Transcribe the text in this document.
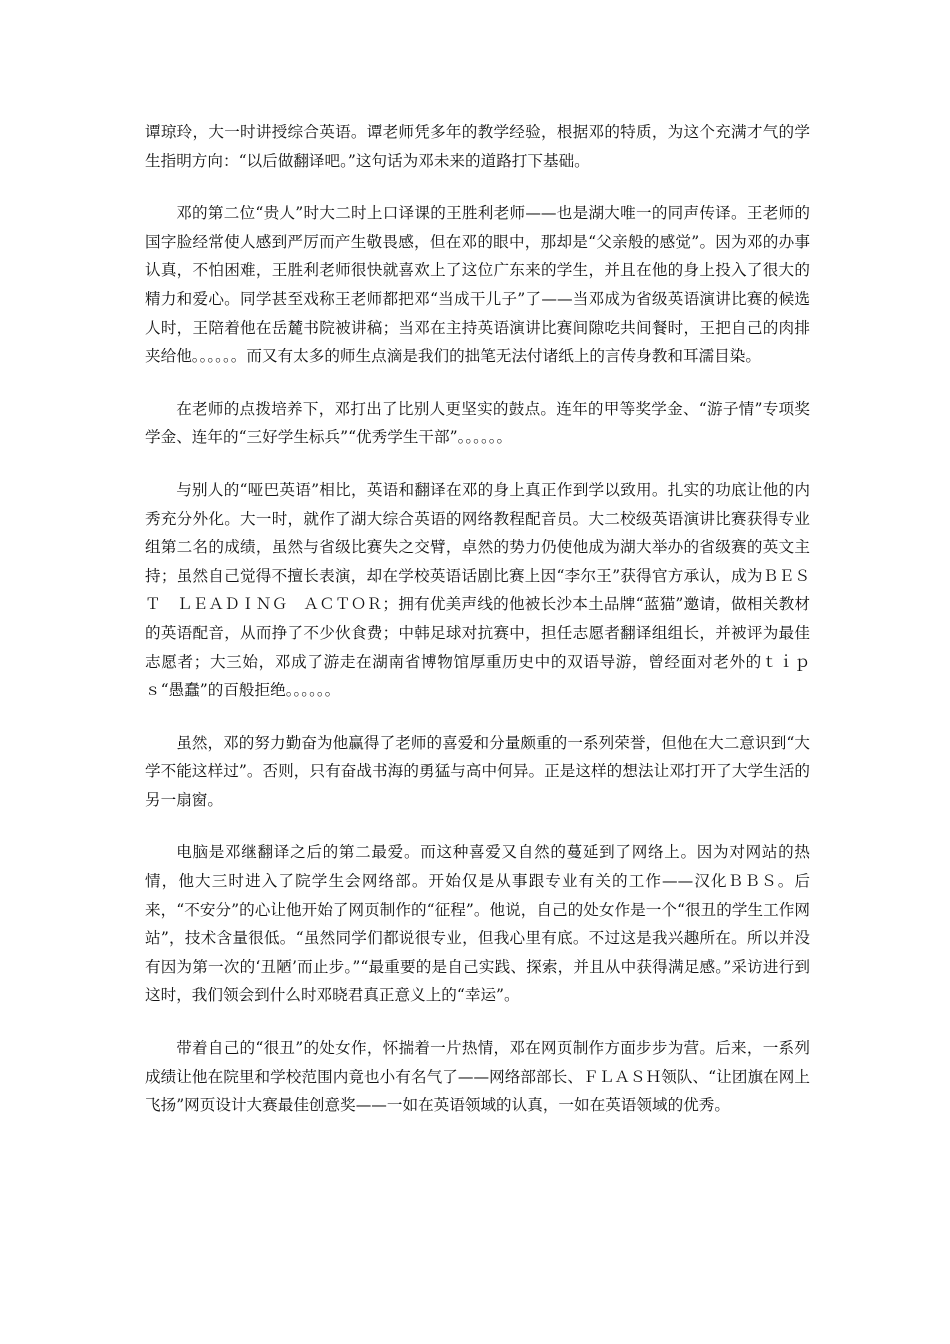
谭琼玲，大一时讲授综合英语。谭老师凭多年的教学经验，根据邓的特质，为这个充满才气的学生指明方向：“以后做翻译吧。”这句话为邓未来的道路打下基础。

邓的第二位“贵人”时大二时上口译课的王胜利老师——也是湖大唯一的同声传译。王老师的国字脸经常使人感到严厉而产生敬畏感，但在邓的眼中，那却是“父亲般的感觉”。因为邓的办事认真，不怕困难，王胜利老师很快就喜欢上了这位广东来的学生，并且在他的身上投入了很大的精力和爱心。同学甚至戏称王老师都把邓“当成干儿子”了——当邓成为省级英语演讲比赛的候选人时，王陪着他在岳麓书院被讲稿；当邓在主持英语演讲比赛间隙吃共间餐时，王把自己的肉排夹给他。。。。。。而又有太多的师生点滴是我们的拙笔无法付诸纸上的言传身教和耳濡目染。

在老师的点拨培养下，邓打出了比别人更坚实的鼓点。连年的甲等奖学金、“游子情”专项奖学金、连年的“三好学生标兵”“优秀学生干部”。。。。。。

与别人的“哑巴英语”相比，英语和翻译在邓的身上真正作到学以致用。扎实的功底让他的内秀充分外化。大一时，就作了湖大综合英语的网络教程配音员。大二校级英语演讲比赛获得专业组第二名的成绩，虽然与省级比赛失之交臂，卓然的势力仍使他成为湖大举办的省级赛的英文主持；虽然自己觉得不擅长表演，却在学校英语话剧比赛上因“李尔王”获得官方承认，成为ＢＥＳＴ　ＬＥＡＤＩＮＧ　ＡＣＴＯＲ；拥有优美声线的他被长沙本土品牌“蓝猫”邀请，做相关教材的英语配音，从而挣了不少伙食费；中韩足球对抗赛中，担任志愿者翻译组组长，并被评为最佳志愿者；大三始，邓成了游走在湖南省博物馆厚重历史中的双语导游，曾经面对老外的ｔｉｐｓ“愚蠢”的百般拒绝。。。。。。

虽然，邓的努力勤奋为他赢得了老师的喜爱和分量颇重的一系列荣誉，但他在大二意识到“大学不能这样过”。否则，只有奋战书海的勇猛与高中何异。正是这样的想法让邓打开了大学生活的另一扇窗。

电脑是邓继翻译之后的第二最爱。而这种喜爱又自然的蔓延到了网络上。因为对网站的热情，他大三时进入了院学生会网络部。开始仅是从事跟专业有关的工作——汉化ＢＢＳ。后来，“不安分”的心让他开始了网页制作的“征程”。他说，自己的处女作是一个“很丑的学生工作网站”，技术含量很低。“虽然同学们都说很专业，但我心里有底。不过这是我兴趣所在。所以并没有因为第一次的‘丑陋’而止步。”“最重要的是自己实践、探索，并且从中获得满足感。”采访进行到这时，我们领会到什么时邓晓君真正意义上的“幸运”。

带着自己的“很丑”的处女作，怀揣着一片热情，邓在网页制作方面步步为营。后来，一系列成绩让他在院里和学校范围内竟也小有名气了——网络部部长、ＦＬＡＳＨ领队、“让团旗在网上飞扬”网页设计大赛最佳创意奖——一如在英语领域的认真，一如在英语领域的优秀。
